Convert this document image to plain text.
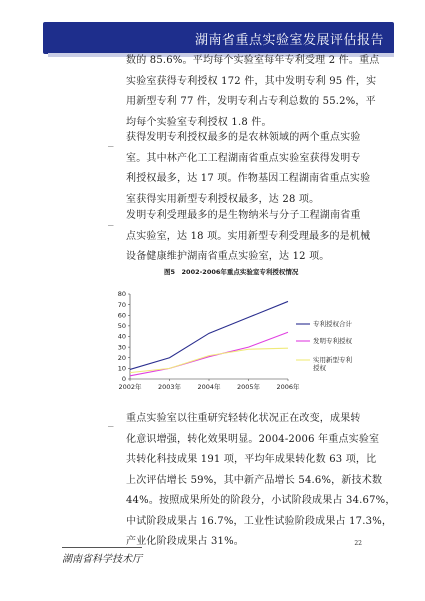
湖南省重点实验室发展评估报告
数的 85.6%。平均每个实验室每年专利受理 2 件。重点
实验室获得专利授权 172 件，其中发明专利 95 件，实
用新型专利 77 件，发明专利占专利总数的 55.2%，平
均每个实验室专利授权 1.8 件。
_ 获得发明专利授权最多的是农林领域的两个重点实验
室。其中林产化工工程湖南省重点实验室获得发明专
利授权最多，达 17 项。作物基因工程湖南省重点实验
室获得实用新型专利授权最多，达 28 项。
_ 发明专利受理最多的是生物纳米与分子工程湖南省重
点实验室，达 18 项。实用新型专利受理最多的是机械
设备健康维护湖南省重点实验室，达 12 项。
图5　2002-2006年重点实验室专利授权情况
0
10
20
30
40
50
60
70
80
2002年	2003年	2004年	2005年	2006年
专利授权合计
发明专利授权
实用新型专利授权
_ 重点实验室以往重研究轻转化状况正在改变，成果转
化意识增强，转化效果明显。2004-2006 年重点实验室
共转化科技成果 191 项，平均年成果转化数 63 项，比
上次评估增长 59%，其中新产品增长 54.6%，新技术数
44%。按照成果所处的阶段分，小试阶段成果占 34.67%，
中试阶段成果占 16.7%，工业性试验阶段成果占 17.3%，
产业化阶段成果占 31%。	22
湖南省科学技术厅
